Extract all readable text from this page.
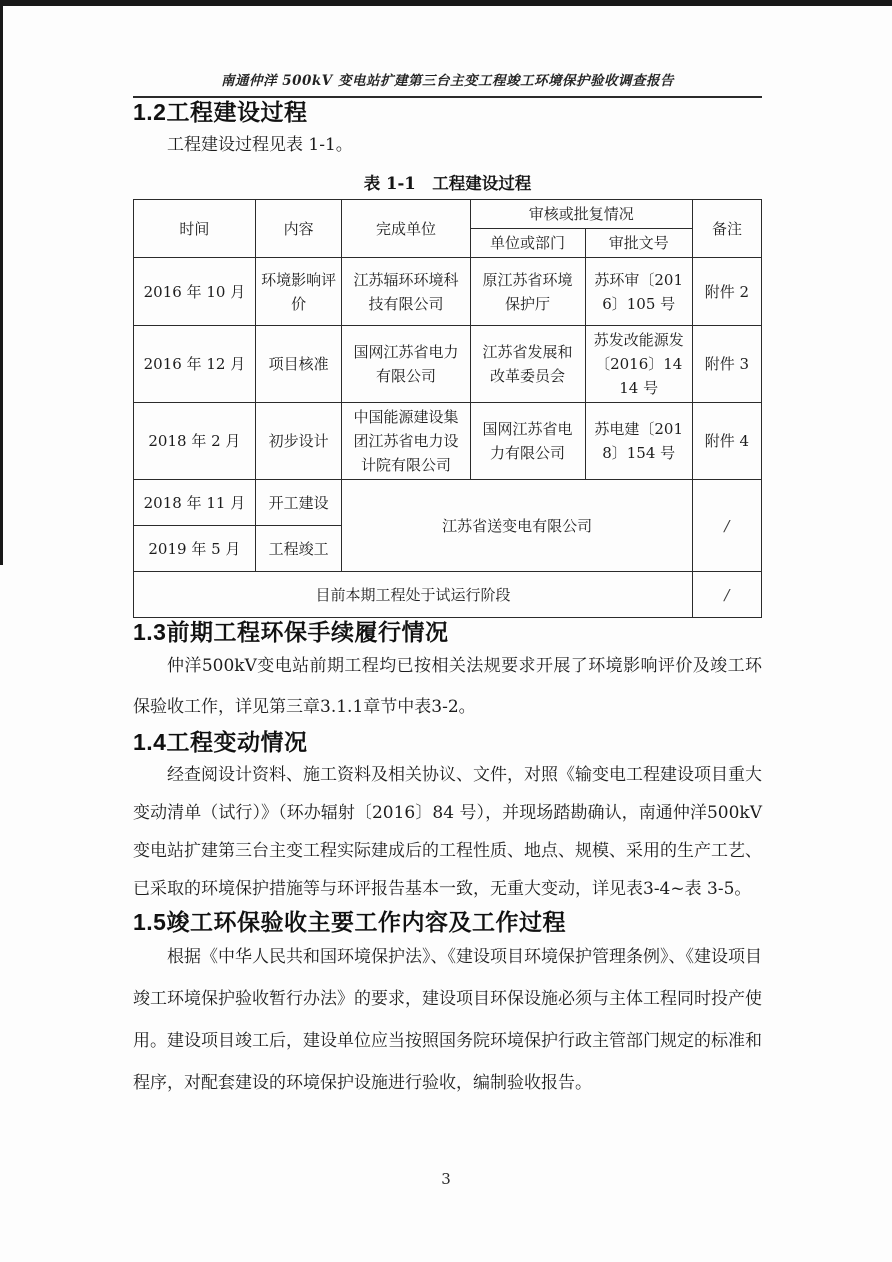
南通仲洋 500kV 变电站扩建第三台主变工程竣工环境保护验收调查报告
1.2工程建设过程

工程建设过程见表 1-1。

表 1-1　工程建设过程
时间	内容	完成单位	审核或批复情况		备注
			单位或部门	审批文号	
2016 年 10 月	环境影响评价	江苏辐环环境科技有限公司	原江苏省环境保护厅	苏环审〔2016〕105 号	附件 2
2016 年 12 月	项目核准	国网江苏省电力有限公司	江苏省发展和改革委员会	苏发改能源发〔2016〕1414 号	附件 3
2018 年 2 月	初步设计	中国能源建设集团江苏省电力设计院有限公司	国网江苏省电力有限公司	苏电建〔2018〕154 号	附件 4
2018 年 11 月	开工建设	江苏省送变电有限公司			/
2019 年 5 月	工程竣工				
目前本期工程处于试运行阶段					/
1.3前期工程环保手续履行情况

仲洋500kV变电站前期工程均已按相关法规要求开展了环境影响评价及竣工环保验收工作，详见第三章3.1.1章节中表3-2。

1.4工程变动情况

经查阅设计资料、施工资料及相关协议、文件，对照《输变电工程建设项目重大变动清单（试行）》（环办辐射〔2016〕84 号），并现场踏勘确认，南通仲洋500kV 变电站扩建第三台主变工程实际建成后的工程性质、地点、规模、采用的生产工艺、已采取的环境保护措施等与环评报告基本一致，无重大变动，详见表3-4~表 3-5。

1.5竣工环保验收主要工作内容及工作过程

根据《中华人民共和国环境保护法》、《建设项目环境保护管理条例》、《建设项目竣工环境保护验收暂行办法》的要求，建设项目环保设施必须与主体工程同时投产使用。建设项目竣工后，建设单位应当按照国务院环境保护行政主管部门规定的标准和程序，对配套建设的环境保护设施进行验收，编制验收报告。

3
